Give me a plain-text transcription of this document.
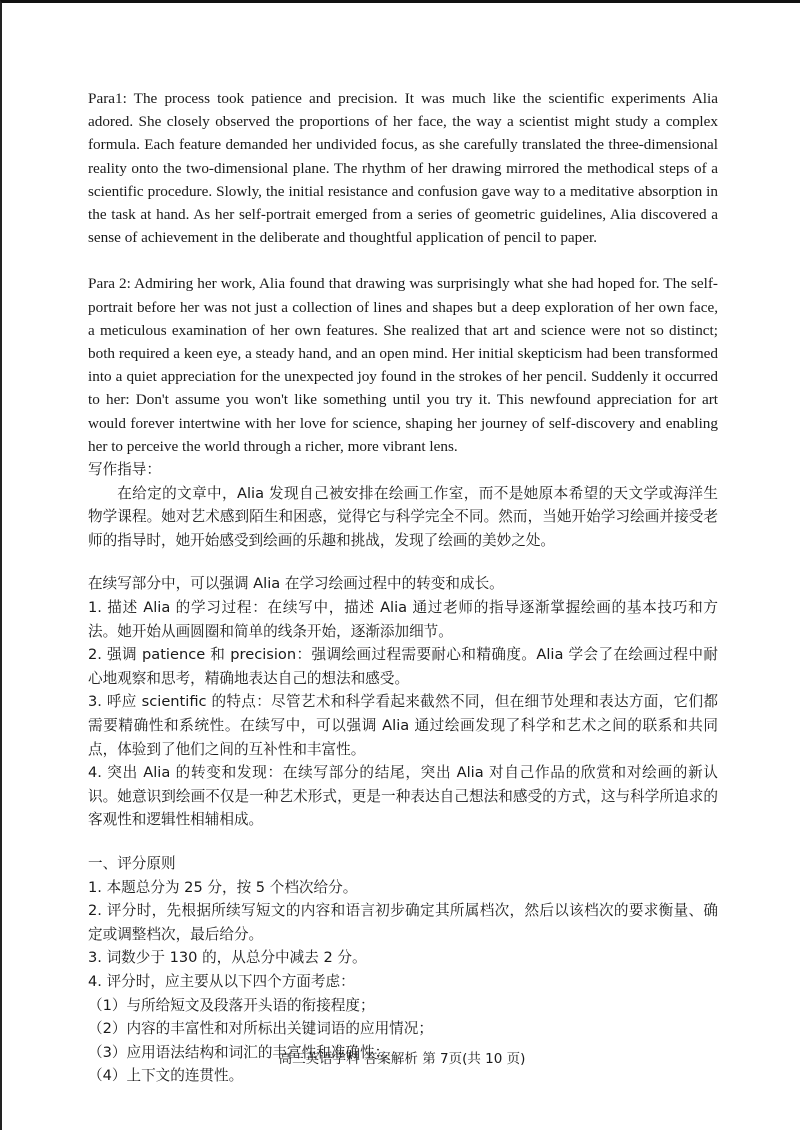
Para1: The process took patience and precision. It was much like the scientific experiments Alia adored. She closely observed the proportions of her face, the way a scientist might study a complex formula. Each feature demanded her undivided focus, as she carefully translated the three-dimensional reality onto the two-dimensional plane. The rhythm of her drawing mirrored the methodical steps of a scientific procedure. Slowly, the initial resistance and confusion gave way to a meditative absorption in the task at hand. As her self-portrait emerged from a series of geometric guidelines, Alia discovered a sense of achievement in the deliberate and thoughtful application of pencil to paper.

Para 2: Admiring her work, Alia found that drawing was surprisingly what she had hoped for. The self-portrait before her was not just a collection of lines and shapes but a deep exploration of her own face, a meticulous examination of her own features. She realized that art and science were not so distinct; both required a keen eye, a steady hand, and an open mind. Her initial skepticism had been transformed into a quiet appreciation for the unexpected joy found in the strokes of her pencil. Suddenly it occurred to her: Don't assume you won't like something until you try it. This newfound appreciation for art would forever intertwine with her love for science, shaping her journey of self-discovery and enabling her to perceive the world through a richer, more vibrant lens.

写作指导：

在给定的文章中，Alia 发现自己被安排在绘画工作室，而不是她原本希望的天文学或海洋生物学课程。她对艺术感到陌生和困惑，觉得它与科学完全不同。然而，当她开始学习绘画并接受老师的指导时，她开始感受到绘画的乐趣和挑战，发现了绘画的美妙之处。

在续写部分中，可以强调 Alia 在学习绘画过程中的转变和成长。

1. 描述 Alia 的学习过程：在续写中，描述 Alia 通过老师的指导逐渐掌握绘画的基本技巧和方法。她开始从画圆圈和简单的线条开始，逐渐添加细节。

2. 强调 patience 和 precision：强调绘画过程需要耐心和精确度。Alia 学会了在绘画过程中耐心地观察和思考，精确地表达自己的想法和感受。

3. 呼应 scientific 的特点：尽管艺术和科学看起来截然不同，但在细节处理和表达方面，它们都需要精确性和系统性。在续写中，可以强调 Alia 通过绘画发现了科学和艺术之间的联系和共同点，体验到了他们之间的互补性和丰富性。

4. 突出 Alia 的转变和发现：在续写部分的结尾，突出 Alia 对自己作品的欣赏和对绘画的新认识。她意识到绘画不仅是一种艺术形式，更是一种表达自己想法和感受的方式，这与科学所追求的客观性和逻辑性相辅相成。

一、评分原则

1. 本题总分为 25 分，按 5 个档次给分。

2. 评分时，先根据所续写短文的内容和语言初步确定其所属档次，然后以该档次的要求衡量、确定或调整档次，最后给分。

3. 词数少于 130 的，从总分中减去 2 分。

4. 评分时，应主要从以下四个方面考虑：

（1）与所给短文及段落开头语的衔接程度；

（2）内容的丰富性和对所标出关键词语的应用情况；

（3）应用语法结构和词汇的丰富性和准确性；

（4）上下文的连贯性。

高三英语学科 答案解析 第 7页(共 10 页)
